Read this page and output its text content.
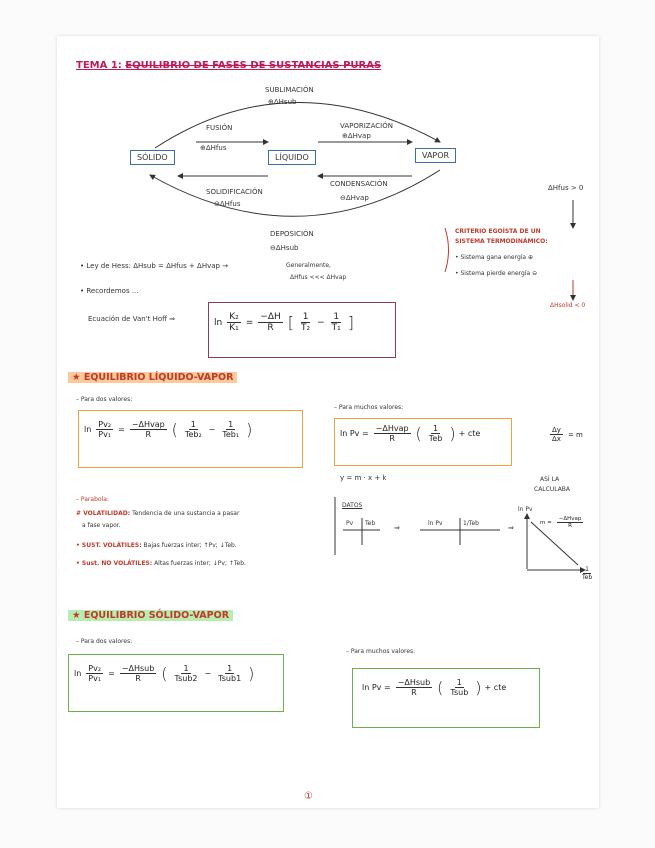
TEMA 1: EQUILIBRIO DE FASES DE SUSTANCIAS PURAS
SÓLIDO	LÍQUIDO	VAPOR
SUBLIMACIÓN
⊕ΔHsub
FUSIÓN
⊕ΔHfus
VAPORIZACIÓN
⊕ΔHvap
SOLIDIFICACIÓN
⊖ΔHfus
CONDENSACIÓN
⊖ΔHvap
DEPOSICIÓN
⊖ΔHsub
ΔHfus > 0
CRITERIO EGOÍSTA DE UN
SISTEMA TERMODINÁMICO:
• Sistema gana energía ⊕
• Sistema pierde energía ⊖
ΔHsolid < 0
• Ley de Hess: ΔHsub = ΔHfus + ΔHvap →	Generalmente,
ΔHfus <<< ΔHvap
• Recordemos ...
Ecuación de Van't Hoff ⇒	$\ln \frac{\text{K₂}}{\text{K₁}} = \frac{-\Delta H}{R}$ [ $\frac{1}{\text{T₂}} - \frac{1}{\text{T₁}}$ ]
★ EQUILIBRIO LÍQUIDO-VAPOR
– Para dos valores:
$\ln \frac{\text{Pv₂}}{\text{Pv₁}} = \frac{\text{−ΔHvap}}{R}$ ( $\frac{1}{\text{Teb₂}} - \frac{1}{\text{Teb₁}}$ )
– Para muchos valores:
$\ln Pv = \frac{\text{−ΔHvap}}{R}$ ( $\frac{1}{\text{Teb}}$ ) + cte
y = m · x + k
$\frac{\Delta y}{\Delta x} = m$
ASÍ LA
CALCULABA
DATOS
Pv Teb
⇒
ln Pv	1/Teb
⇒
ln Pv
$m = \frac{\text{−ΔHvap}}{R}$
$\frac{1}{\text{Teb}}$
– Parabola:
# VOLATILIDAD: Tendencia de una sustancia a pasar
a fase vapor.
• SUST. VOLÁTILES: Bajas fuerzas inter; ↑Pv; ↓Teb.
• Sust. NO VOLÁTILES: Altas fuerzas inter; ↓Pv; ↑Teb.
★ EQUILIBRIO SÓLIDO-VAPOR
– Para dos valores:
$\ln \frac{\text{Pv₂}}{\text{Pv₁}} = \frac{\text{−ΔHsub}}{R}$ ( $\frac{1}{\text{Tsub2}} - \frac{1}{\text{Tsub1}}$ )
– Para muchos valores:
$\ln Pv = \frac{\text{−ΔHsub}}{R}$ ( $\frac{1}{\text{Tsub}}$ ) + cte
①
